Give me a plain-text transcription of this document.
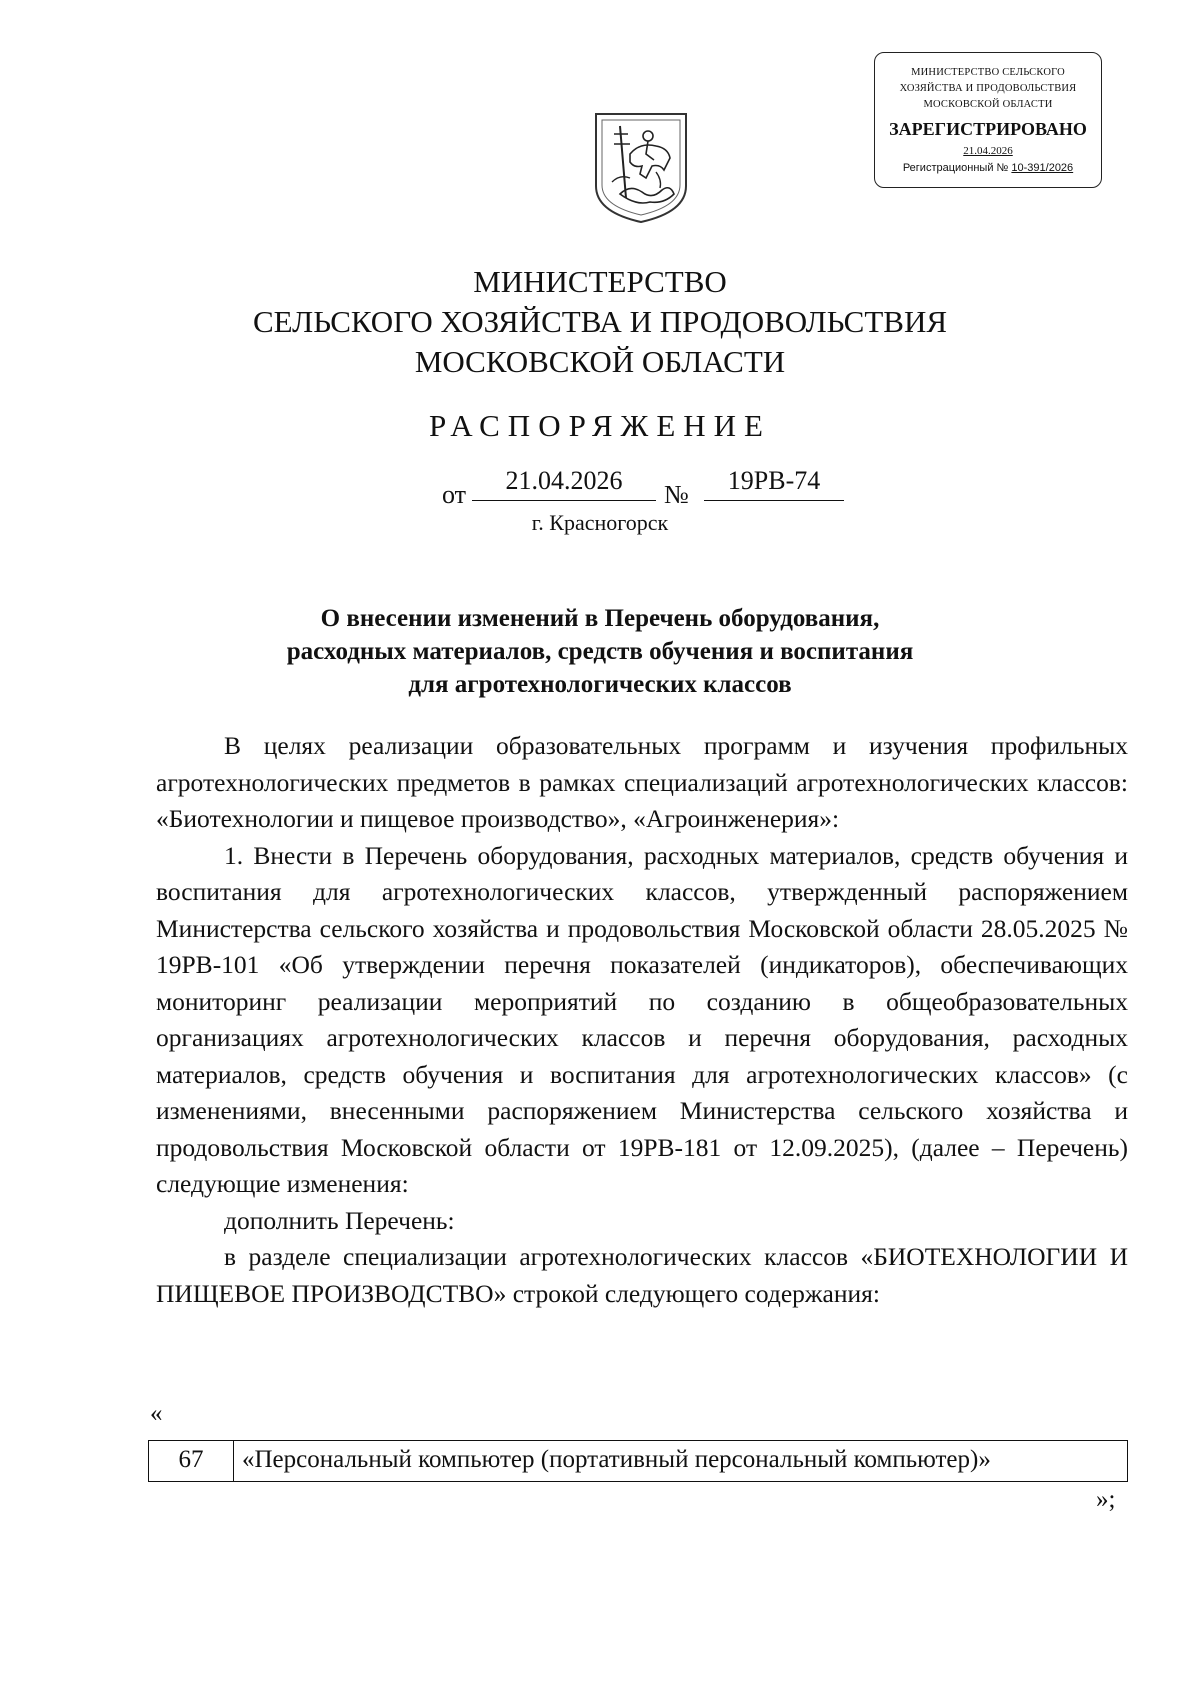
МИНИСТЕРСТВО СЕЛЬСКОГО
ХОЗЯЙСТВА И ПРОДОВОЛЬСТВИЯ
МОСКОВСКОЙ ОБЛАСТИ
ЗАРЕГИСТРИРОВАНО
21.04.2026
Регистрационный № 10-391/2026
МИНИСТЕРСТВО
СЕЛЬСКОГО ХОЗЯЙСТВА И ПРОДОВОЛЬСТВИЯ
МОСКОВСКОЙ ОБЛАСТИ
РАСПОРЯЖЕНИЕ
от	21.04.2026	№	19РВ-74
г. Красногорск
О внесении изменений в Перечень оборудования,
расходных материалов, средств обучения и воспитания
для агротехнологических классов

В целях реализации образовательных программ и изучения профильных агротехнологических предметов в рамках специализаций агротехнологических классов: «Биотехнологии и пищевое производство», «Агроинженерия»:

1. Внести в Перечень оборудования, расходных материалов, средств обучения и воспитания для агротехнологических классов, утвержденный распоряжением Министерства сельского хозяйства и продовольствия Московской области 28.05.2025 № 19РВ-101 «Об утверждении перечня показателей (индикаторов), обеспечивающих мониторинг реализации мероприятий по созданию в общеобразовательных организациях агротехнологических классов и перечня оборудования, расходных материалов, средств обучения и воспитания для агротехнологических классов» (с изменениями, внесенными распоряжением Министерства сельского хозяйства и продовольствия Московской области от 19РВ-181 от 12.09.2025), (далее – Перечень) следующие изменения:

дополнить Перечень:

в разделе специализации агротехнологических классов «БИОТЕХНОЛОГИИ И ПИЩЕВОЕ ПРОИЗВОДСТВО» строкой следующего содержания:

«
67	«Персональный компьютер (портативный персональный компьютер)»
»;
